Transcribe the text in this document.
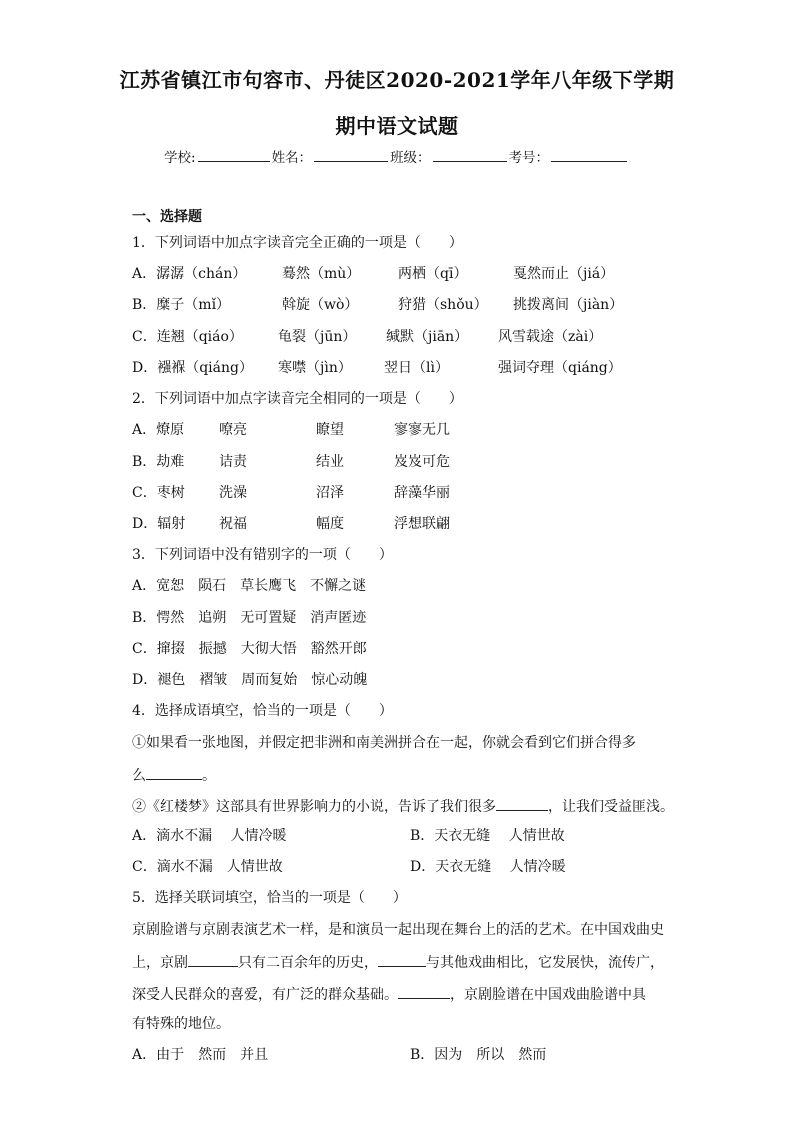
江苏省镇江市句容市、丹徒区2020-2021学年八年级下学期
期中语文试题
学校:	姓名：	班级：	考号：
一、选择题
1．下列词语中加点字读音完全正确的一项是（　　）
A．潺潺（chán）	蓦然（mù）	两栖（qī）	戛然而止（jiá）
B．糜子（mǐ）	斡旋（wò）	狩猎（shǒu） 挑拨离间（jiàn）
C．连翘（qiáo）	龟裂（jūn） 缄默（jiān） 风雪载途（zài）
D．襁褓（qiáng） 寒噤（jìn） 翌日（lì）	强词夺理（qiáng）
2．下列词语中加点字读音完全相同的一项是（　　）
A．燎原 嘹亮	瞭望	寥寥无几
B．劫难 诘责	结业	岌岌可危
C．枣树 洗澡	沼泽	辞藻华丽
D．辐射 祝福	幅度	浮想联翩
3．下列词语中没有错别字的一项（　　）
A．宽恕　陨石　草长鹰飞　不懈之谜
B．愕然　追朔　无可置疑　消声匿迹
C．撺掇　振撼　大彻大悟　豁然开郎
D．褪色　褶皱　周而复始　惊心动魄
4．选择成语填空，恰当的一项是（　　）
①如果看一张地图，并假定把非洲和南美洲拼合在一起，你就会看到它们拼合得多
么	。
②《红楼梦》这部具有世界影响力的小说，告诉了我们很多	，让我们受益匪浅。
A．滴水不漏　 人情冷暖	B．天衣无缝　 人情世故
C．滴水不漏　人情世故	D．天衣无缝　 人情冷暖
5．选择关联词填空，恰当的一项是（　　）
京剧脸谱与京剧表演艺术一样，是和演员一起出现在舞台上的活的艺术。在中国戏曲史
上，京剧	只有二百余年的历史，	与其他戏曲相比，它发展快，流传广，
深受人民群众的喜爱，有广泛的群众基础。	，京剧脸谱在中国戏曲脸谱中具
有特殊的地位。
A．由于　然而　并且	B．因为　所以　然而
